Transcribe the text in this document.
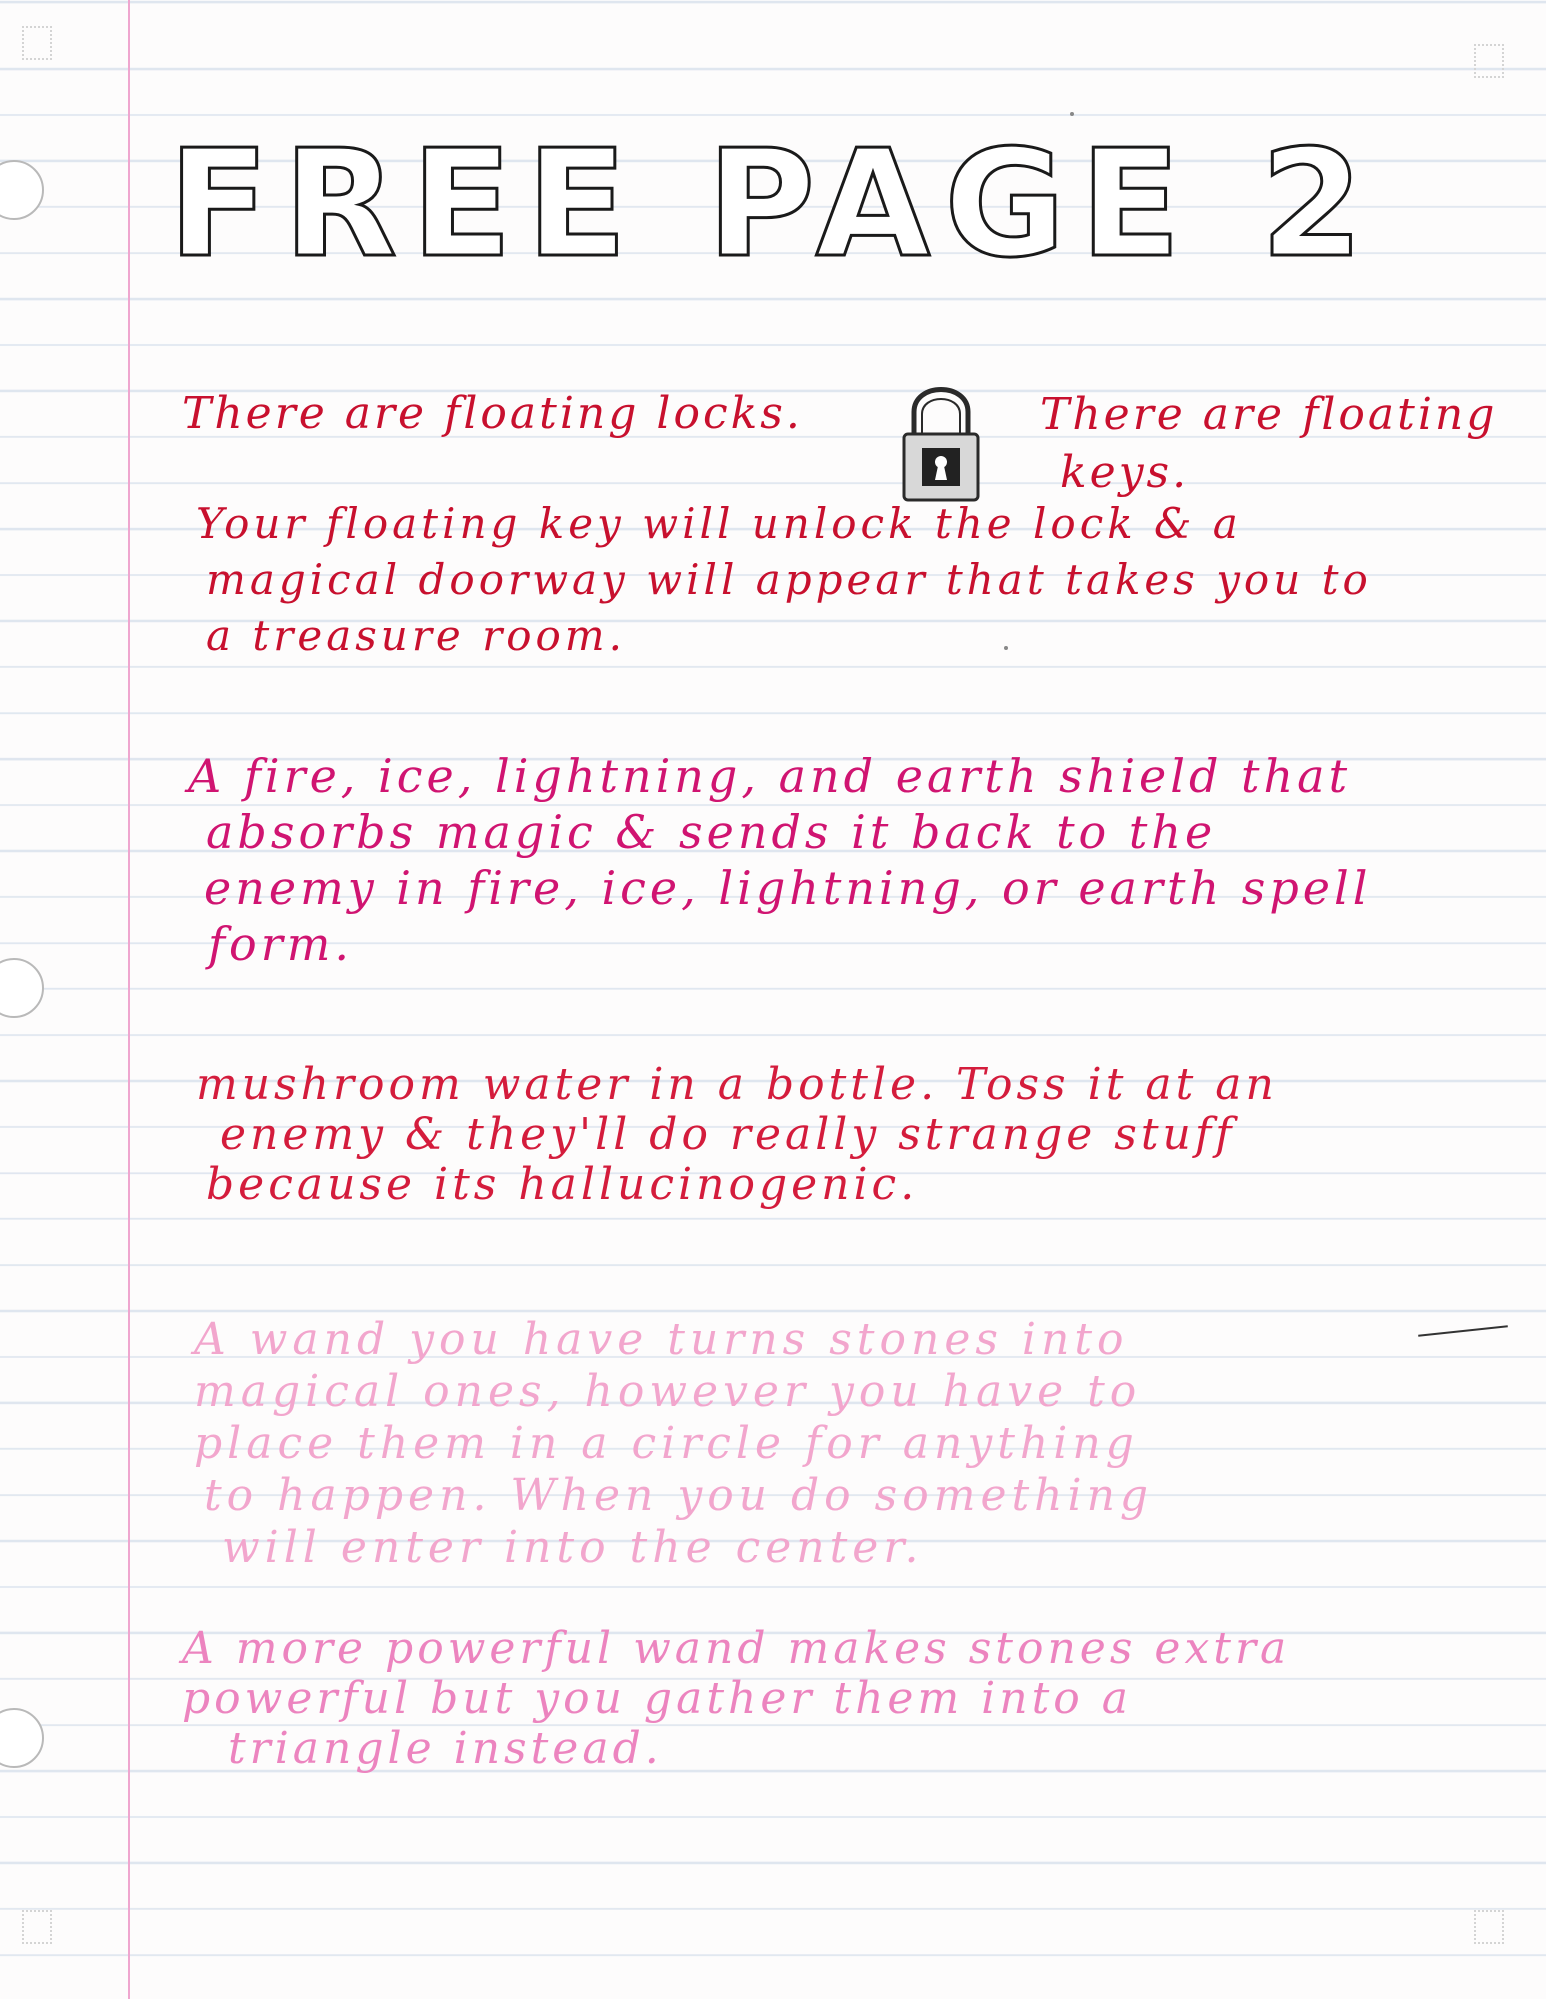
FREE PAGE 2

There are floating locks.	There are floating

keys.

Your floating key will unlock the lock & a

magical doorway will appear that takes you to

a treasure room.

A fire, ice, lightning, and earth shield that

absorbs magic & sends it back to the

enemy in fire, ice, lightning, or earth spell

form.

mushroom water in a bottle. Toss it at an

enemy & they'll do really strange stuff

because its hallucinogenic.

A wand you have turns stones into

magical ones, however you have to

place them in a circle for anything

to happen. When you do something

will enter into the center.

A more powerful wand makes stones extra

powerful but you gather them into a

triangle instead.
